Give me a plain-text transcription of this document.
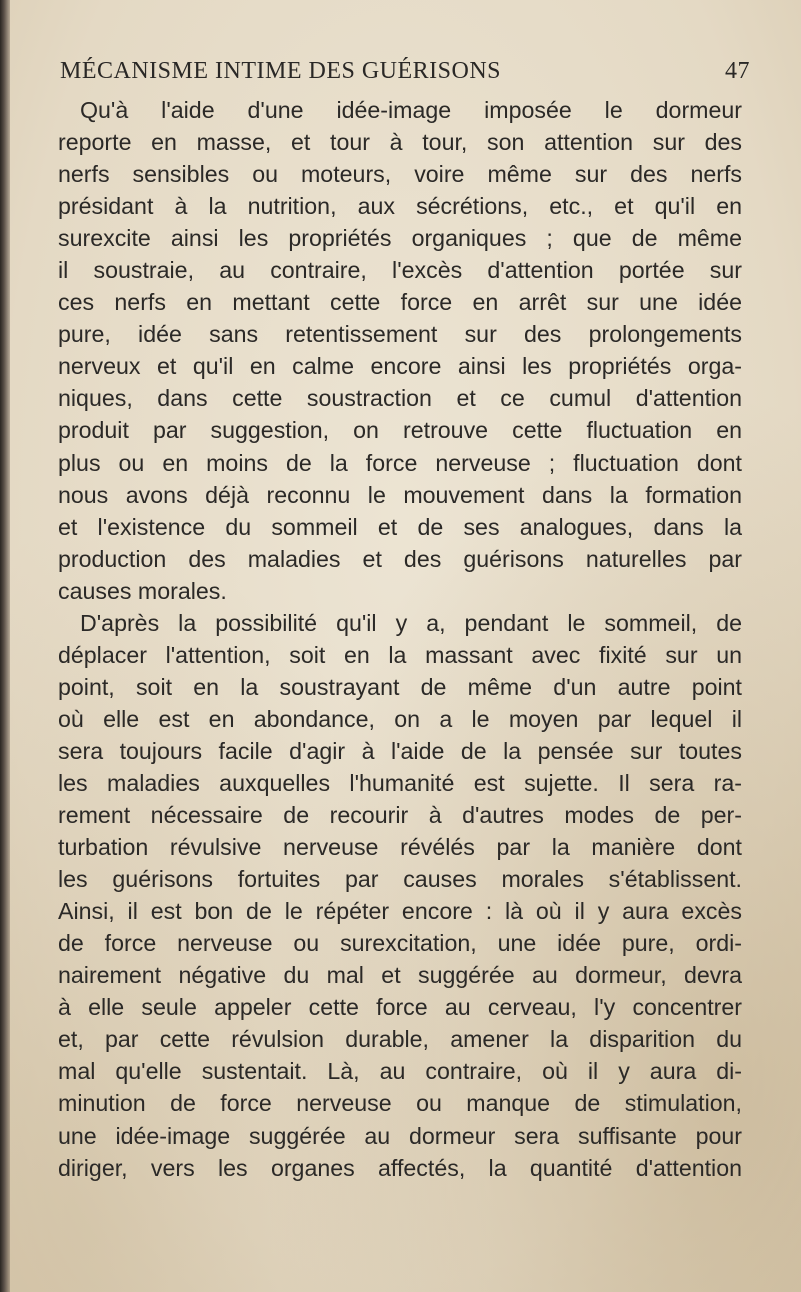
MÉCANISME INTIME DES GUÉRISONS	47
Qu'à l'aide d'une idée-image imposée le dormeur
reporte en masse, et tour à tour, son attention sur des
nerfs sensibles ou moteurs, voire même sur des nerfs
présidant à la nutrition, aux sécrétions, etc., et qu'il en
surexcite ainsi les propriétés organiques ; que de même
il soustraie, au contraire, l'excès d'attention portée sur
ces nerfs en mettant cette force en arrêt sur une idée
pure, idée sans retentissement sur des prolongements
nerveux et qu'il en calme encore ainsi les propriétés orga-
niques, dans cette soustraction et ce cumul d'attention
produit par suggestion, on retrouve cette fluctuation en
plus ou en moins de la force nerveuse ; fluctuation dont
nous avons déjà reconnu le mouvement dans la formation
et l'existence du sommeil et de ses analogues, dans la
production des maladies et des guérisons naturelles par
causes morales.
D'après la possibilité qu'il y a, pendant le sommeil, de
déplacer l'attention, soit en la massant avec fixité sur un
point, soit en la soustrayant de même d'un autre point
où elle est en abondance, on a le moyen par lequel il
sera toujours facile d'agir à l'aide de la pensée sur toutes
les maladies auxquelles l'humanité est sujette. Il sera ra-
rement nécessaire de recourir à d'autres modes de per-
turbation révulsive nerveuse révélés par la manière dont
les guérisons fortuites par causes morales s'établissent.
Ainsi, il est bon de le répéter encore : là où il y aura excès
de force nerveuse ou surexcitation, une idée pure, ordi-
nairement négative du mal et suggérée au dormeur, devra
à elle seule appeler cette force au cerveau, l'y concentrer
et, par cette révulsion durable, amener la disparition du
mal qu'elle sustentait. Là, au contraire, où il y aura di-
minution de force nerveuse ou manque de stimulation,
une idée-image suggérée au dormeur sera suffisante pour
diriger, vers les organes affectés, la quantité d'attention
